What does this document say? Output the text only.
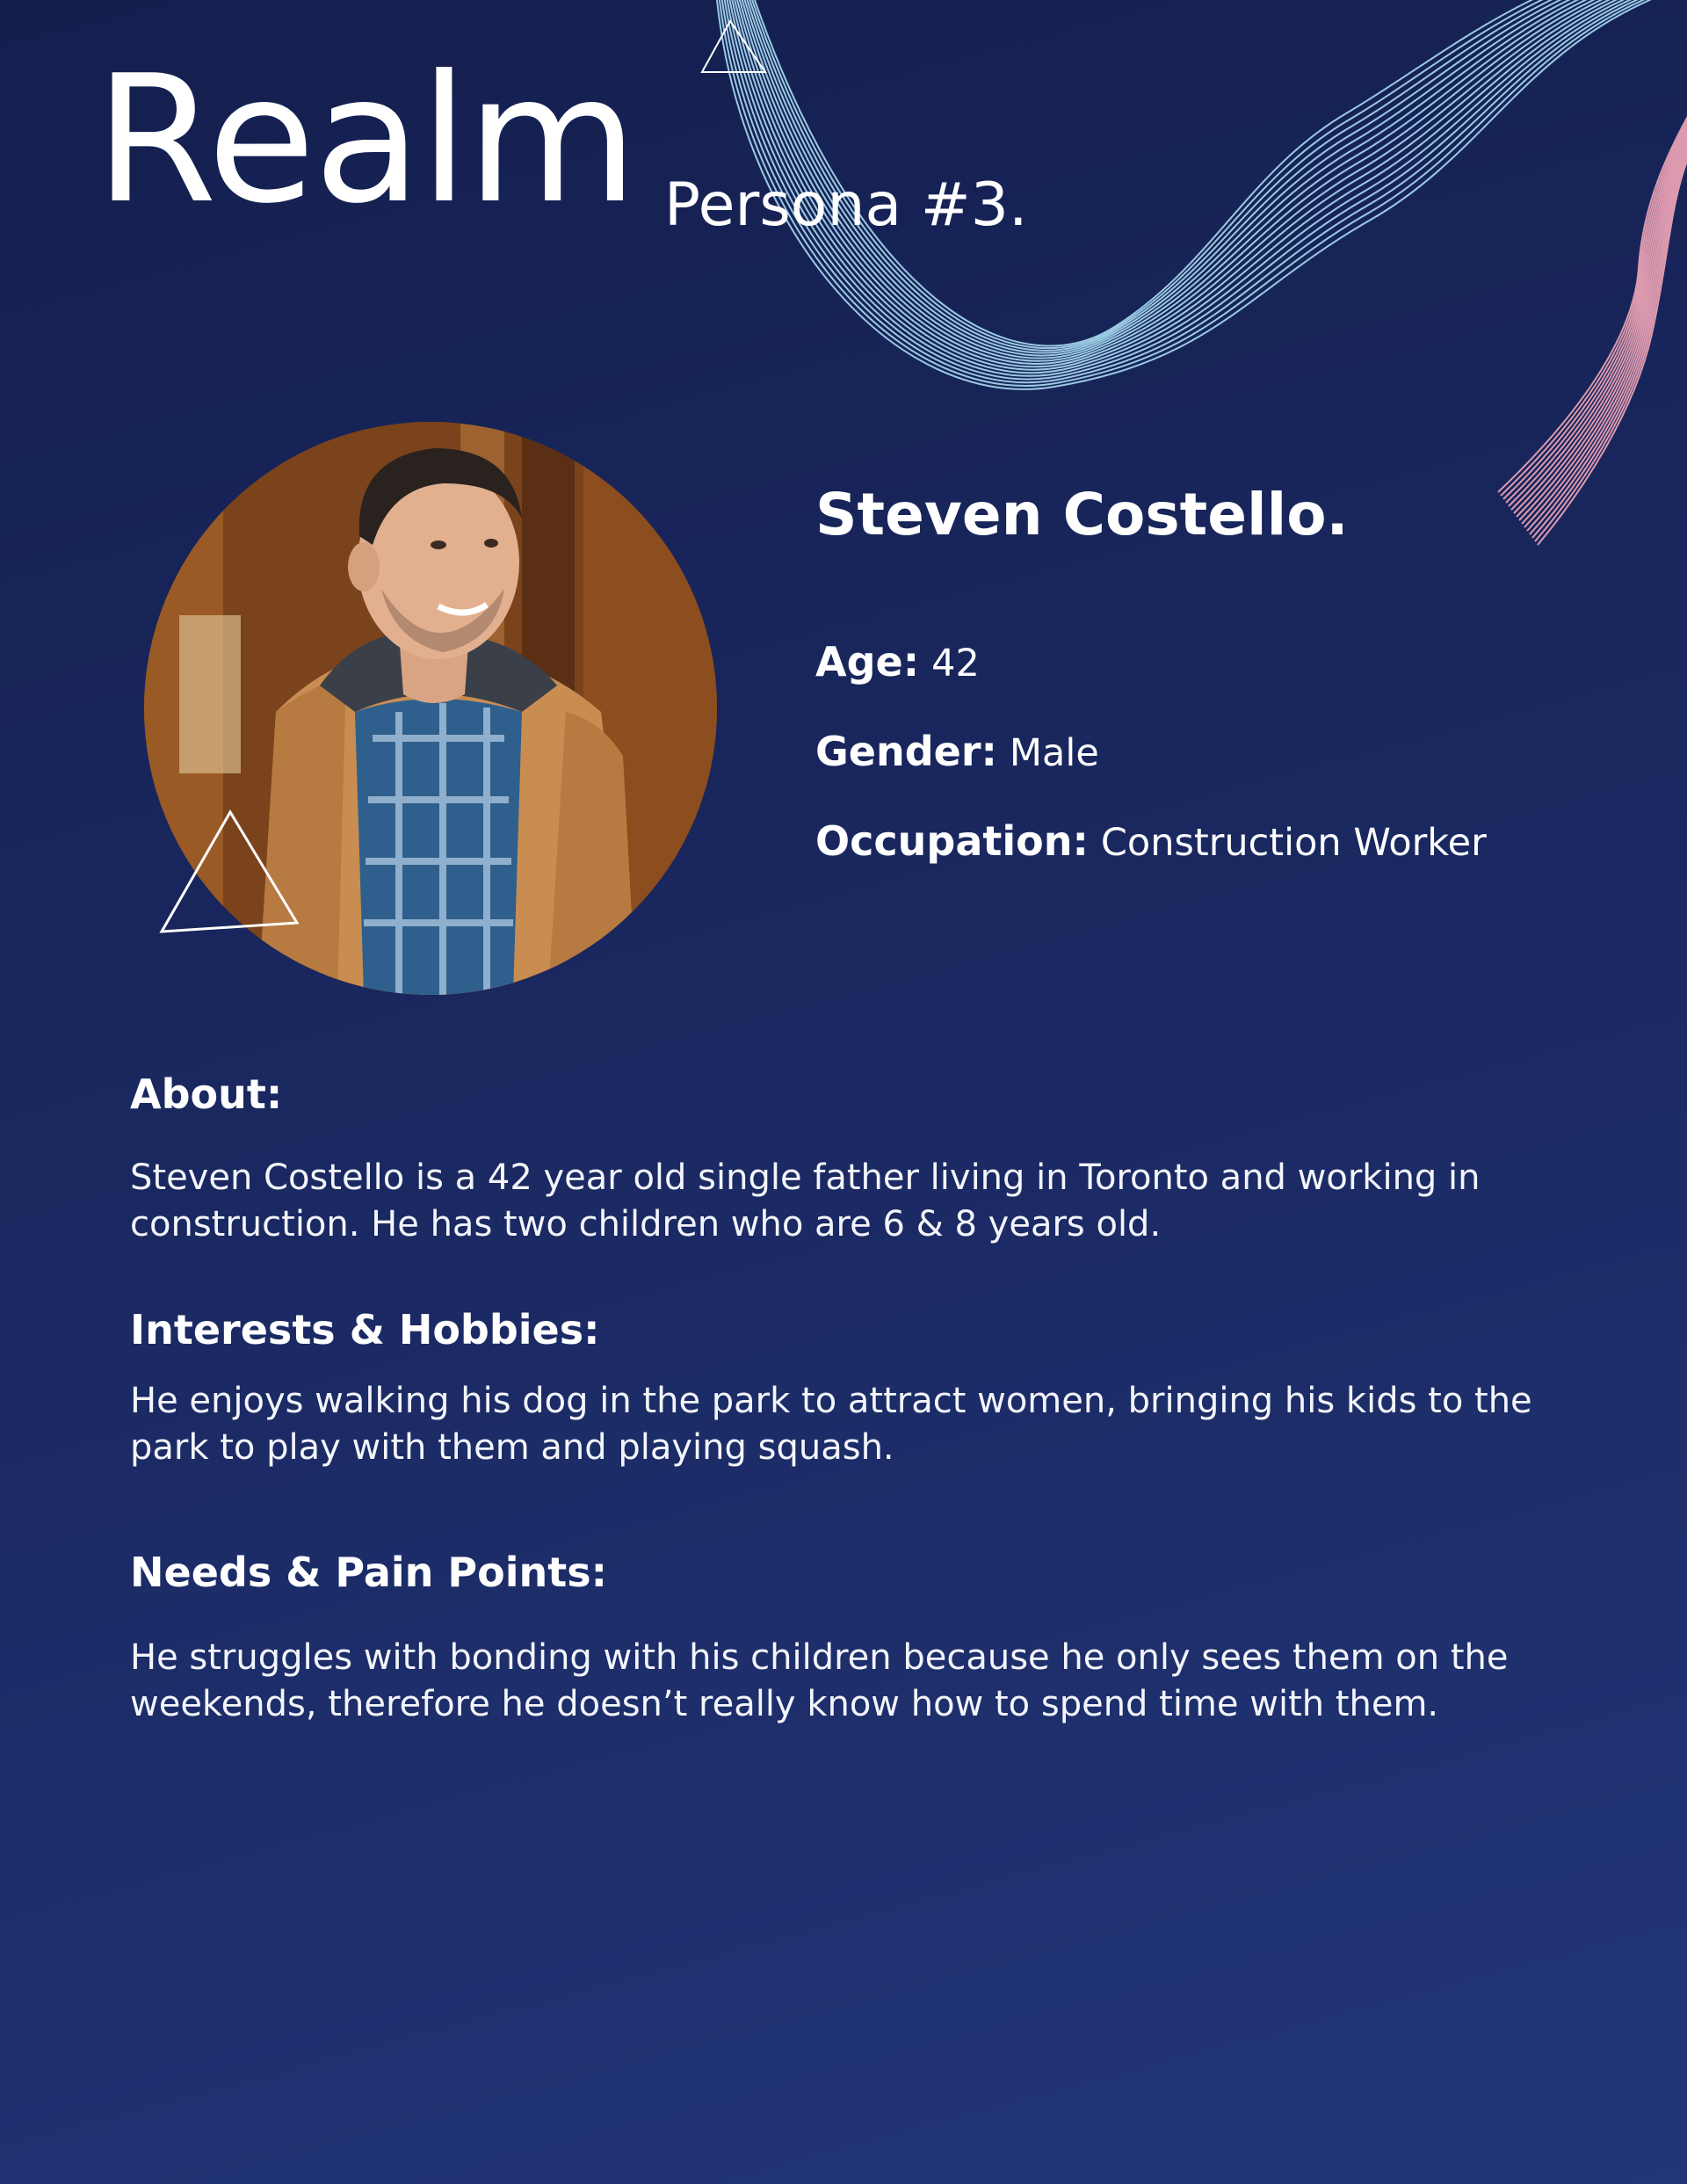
Realm Persona #3.
Steven Costello.
Age: 42
Gender: Male
Occupation: Construction Worker
About:

Steven Costello is a 42 year old single father living in Toronto and working in construction. He has two children who are 6 & 8 years old.

Interests & Hobbies:

He enjoys walking his dog in the park to attract women, bringing his kids to the park to play with them and playing squash.

Needs & Pain Points:

He struggles with bonding with his children because he only sees them on the weekends, therefore he doesn’t really know how to spend time with them.
